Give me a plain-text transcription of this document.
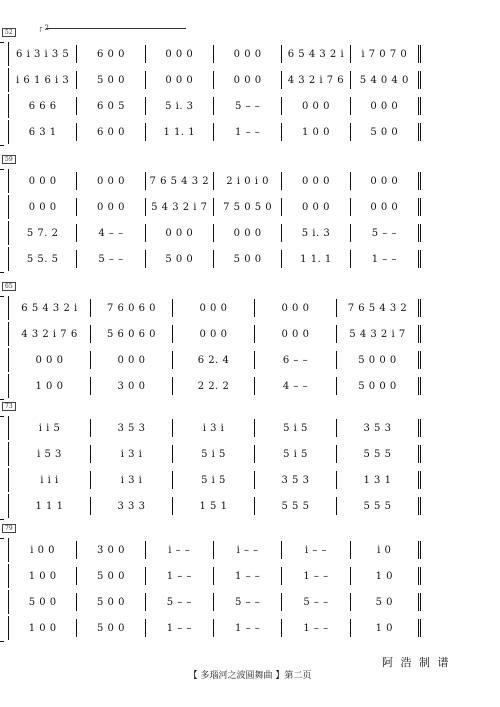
┌ 2
52
6 i 3 i 3 5	6 0 0	0 0 0	0 0 0	6 5 4 3 2 i	i 7 0 7 0
i 6 1 6 i 3	5 0 0	0 0 0	0 0 0	4 3 2 i 7 6	5 4 0 4 0
6 6 6	6 0 5	5 i. 3	5 – –	0 0 0	0 0 0
6 3 1	6 0 0	1 1. 1	1 – –	1 0 0	5 0 0
59
0 0 0	0 0 0	7 6 5 4 3 2	2 i 0 i 0	0 0 0	0 0 0
0 0 0	0 0 0	5 4 3 2 i 7	7 5 0 5 0	0 0 0	0 0 0
5 7. 2	4 – –	0 0 0	0 0 0	5 i. 3	5 – –
5 5. 5	5 – –	5 0 0	5 0 0	1 1. 1	1 – –
65
6 5 4 3 2 i	7 6 0 6 0	0 0 0	0 0 0	7 6 5 4 3 2
4 3 2 i 7 6	5 6 0 6 0	0 0 0	0 0 0	5 4 3 2 i 7
0 0 0	0 0 0	6 2. 4	6 – –	5 0 0 0
1 0 0	3 0 0	2 2. 2	4 – –	5 0 0 0
73
i i 5	3 5 3	i 3 i	5 i 5	3 5 3
i 5 3	i 3 i	5 i 5	5 i 5	5 5 5
i i i	i 3 i	5 i 5	3 5 3	1 3 1
1 1 1	3 3 3	1 5 1	5 5 5	5 5 5
79
i 0 0	3 0 0	i – –	i – –	i – –	i 0
1 0 0	5 0 0	1 – –	1 – –	1 – –	1 0
5 0 0	5 0 0	5 – –	5 – –	5 – –	5 0
1 0 0	5 0 0	1 – –	1 – –	1 – –	1 0
阿 浩 制 谱
【 多瑙河之波圆舞曲 】第二页
